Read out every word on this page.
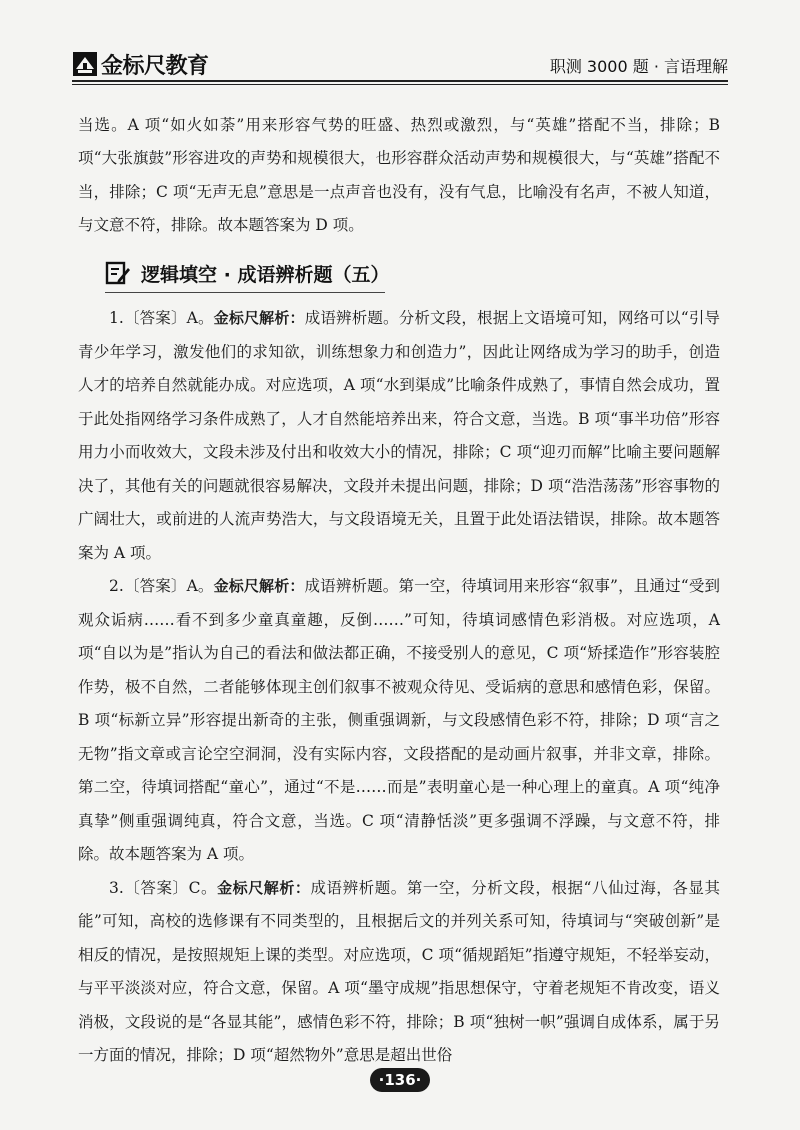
金标尺教育	职测 3000 题 · 言语理解

当选。A 项“如火如荼”用来形容气势的旺盛、热烈或激烈，与“英雄”搭配不当，排除；B 项“大张旗鼓”形容进攻的声势和规模很大，也形容群众活动声势和规模很大，与“英雄”搭配不当，排除；C 项“无声无息”意思是一点声音也没有，没有气息，比喻没有名声，不被人知道，与文意不符，排除。故本题答案为 D 项。

逻辑填空 · 成语辨析题（五）

1.〔答案〕A。金标尺解析：成语辨析题。分析文段，根据上文语境可知，网络可以“引导青少年学习，激发他们的求知欲，训练想象力和创造力”，因此让网络成为学习的助手，创造人才的培养自然就能办成。对应选项，A 项“水到渠成”比喻条件成熟了，事情自然会成功，置于此处指网络学习条件成熟了，人才自然能培养出来，符合文意，当选。B 项“事半功倍”形容用力小而收效大，文段未涉及付出和收效大小的情况，排除；C 项“迎刃而解”比喻主要问题解决了，其他有关的问题就很容易解决，文段并未提出问题，排除；D 项“浩浩荡荡”形容事物的广阔壮大，或前进的人流声势浩大，与文段语境无关，且置于此处语法错误，排除。故本题答案为 A 项。

2.〔答案〕A。金标尺解析：成语辨析题。第一空，待填词用来形容“叙事”，且通过“受到观众诟病……看不到多少童真童趣，反倒……”可知，待填词感情色彩消极。对应选项，A 项“自以为是”指认为自己的看法和做法都正确，不接受别人的意见，C 项“矫揉造作”形容装腔作势，极不自然，二者能够体现主创们叙事不被观众待见、受诟病的意思和感情色彩，保留。B 项“标新立异”形容提出新奇的主张，侧重强调新，与文段感情色彩不符，排除；D 项“言之无物”指文章或言论空空洞洞，没有实际内容，文段搭配的是动画片叙事，并非文章，排除。第二空，待填词搭配“童心”，通过“不是……而是”表明童心是一种心理上的童真。A 项“纯净真挚”侧重强调纯真，符合文意，当选。C 项“清静恬淡”更多强调不浮躁，与文意不符，排除。故本题答案为 A 项。

3.〔答案〕C。金标尺解析：成语辨析题。第一空，分析文段，根据“八仙过海，各显其能”可知，高校的选修课有不同类型的，且根据后文的并列关系可知，待填词与“突破创新”是相反的情况，是按照规矩上课的类型。对应选项，C 项“循规蹈矩”指遵守规矩，不轻举妄动，与平平淡淡对应，符合文意，保留。A 项“墨守成规”指思想保守，守着老规矩不肯改变，语义消极，文段说的是“各显其能”，感情色彩不符，排除；B 项“独树一帜”强调自成体系，属于另一方面的情况，排除；D 项“超然物外”意思是超出世俗

·136·
